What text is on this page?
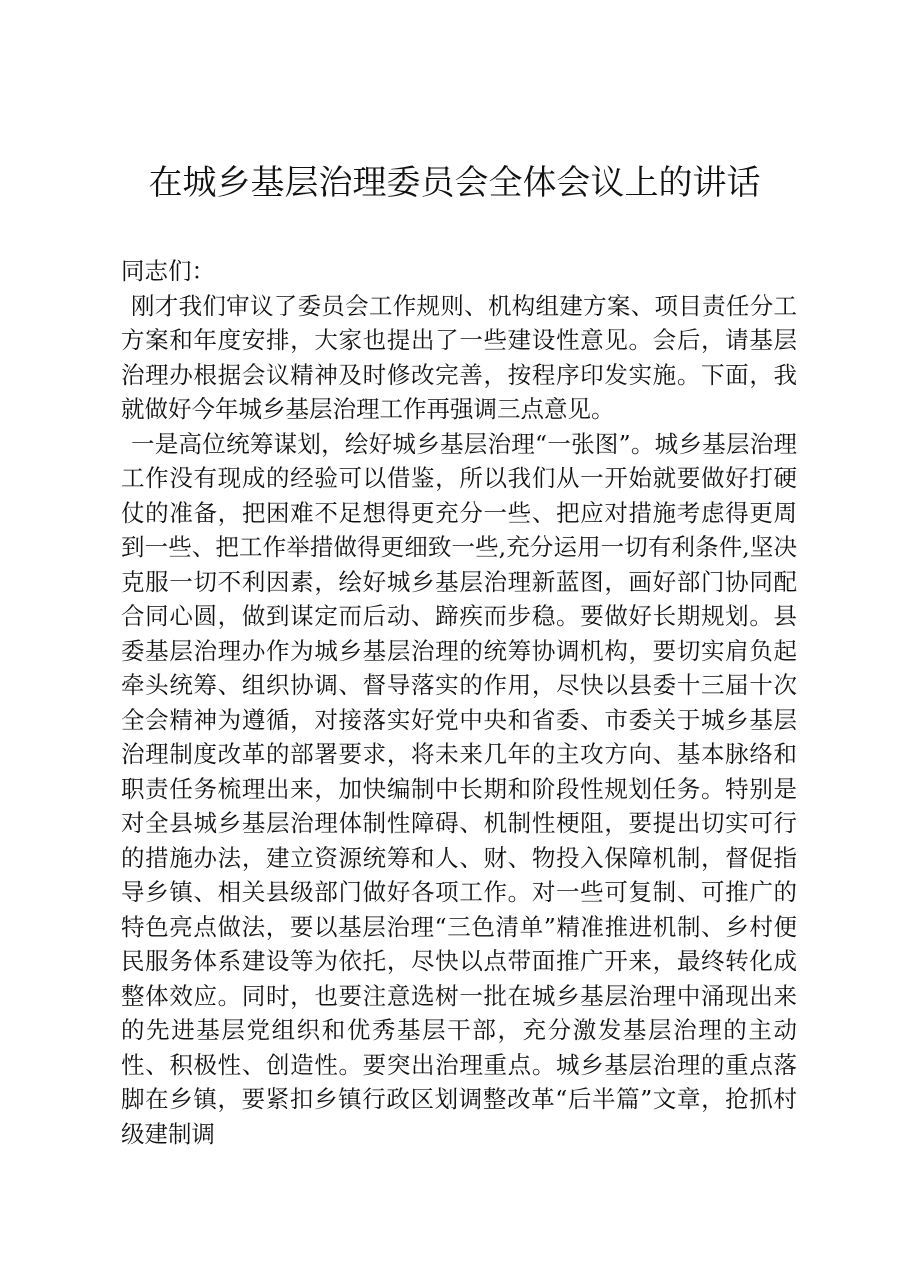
在城乡基层治理委员会全体会议上的讲话

同志们：

刚才我们审议了委员会工作规则、机构组建方案、项目责任分工方案和年度安排，大家也提出了一些建设性意见。会后，请基层治理办根据会议精神及时修改完善，按程序印发实施。下面，我就做好今年城乡基层治理工作再强调三点意见。

一是高位统筹谋划，绘好城乡基层治理“一张图”。城乡基层治理工作没有现成的经验可以借鉴，所以我们从一开始就要做好打硬仗的准备，把困难不足想得更充分一些、把应对措施考虑得更周到一些、把工作举措做得更细致一些,充分运用一切有利条件,坚决克服一切不利因素，绘好城乡基层治理新蓝图，画好部门协同配合同心圆，做到谋定而后动、蹄疾而步稳。要做好长期规划。县委基层治理办作为城乡基层治理的统筹协调机构，要切实肩负起牵头统筹、组织协调、督导落实的作用，尽快以县委十三届十次全会精神为遵循，对接落实好党中央和省委、市委关于城乡基层治理制度改革的部署要求，将未来几年的主攻方向、基本脉络和职责任务梳理出来，加快编制中长期和阶段性规划任务。特别是对全县城乡基层治理体制性障碍、机制性梗阻，要提出切实可行的措施办法，建立资源统筹和人、财、物投入保障机制，督促指导乡镇、相关县级部门做好各项工作。对一些可复制、可推广的特色亮点做法，要以基层治理“三色清单”精准推进机制、乡村便民服务体系建设等为依托，尽快以点带面推广开来，最终转化成整体效应。同时，也要注意选树一批在城乡基层治理中涌现出来的先进基层党组织和优秀基层干部，充分激发基层治理的主动性、积极性、创造性。要突出治理重点。城乡基层治理的重点落脚在乡镇，要紧扣乡镇行政区划调整改革“后半篇”文章，抢抓村级建制调
